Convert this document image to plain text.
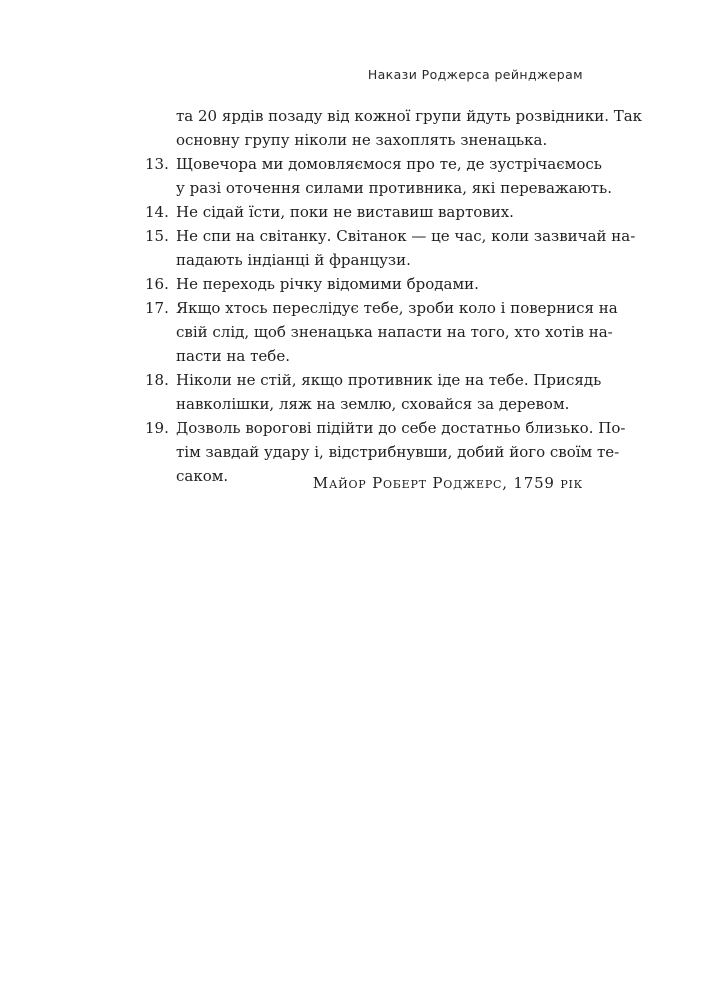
Накази Роджерса рейнджерам
та 20 ярдів позаду від кожної групи йдуть розвідники. Так
основну групу ніколи не захоплять зненацька.
13. Щовечора ми домовляємося про те, де зустрічаємось
у разі оточення силами противника, які переважають.
14. Не сідай їсти, поки не виставиш вартових.
15. Не спи на світанку. Світанок — це час, коли зазвичай на-
падають індіанці й французи.
16. Не переходь річку відомими бродами.
17. Якщо хтось переслідує тебе, зроби коло і повернися на
свій слід, щоб зненацька напасти на того, хто хотів на-
пасти на тебе.
18. Ніколи не стій, якщо противник іде на тебе. Присядь
навколішки, ляж на землю, сховайся за деревом.
19. Дозволь ворогові підійти до себе достатньо близько. По-
тім завдай удару і, відстрибнувши, добий його своїм те-
саком.	Майор Роберт Роджерс, 1759 рік
